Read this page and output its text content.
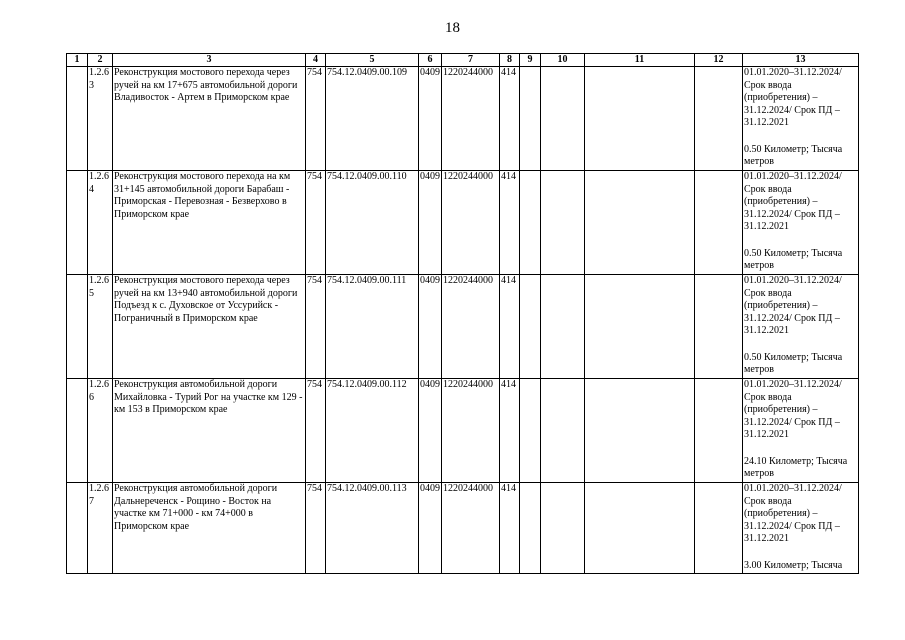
18
1	2	3	4	5	6	7	8	9	10	11	12	13
	1.2.6 3	Реконструкция мостового перехода через ручей на км 17+675 автомобильной дороги Владивосток - Артем в Приморском крае	754	754.12.0409.00.109	0409	1220244000	414					01.01.2020–31.12.2024/ Срок ввода (приобретения) – 31.12.2024/ Срок ПД – 31.12.2021
0.50 Километр; Тысяча метров

	1.2.6 4	Реконструкция мостового перехода на км 31+145 автомобильной дороги Барабаш - Приморская - Перевозная - Безверхово в Приморском крае	754	754.12.0409.00.110	0409	1220244000	414					01.01.2020–31.12.2024/ Срок ввода (приобретения) – 31.12.2024/ Срок ПД – 31.12.2021
0.50 Километр; Тысяча метров

	1.2.6 5	Реконструкция мостового перехода через ручей на км 13+940 автомобильной дороги Подъезд к с. Духовское от Уссурийск - Пограничный в Приморском крае	754	754.12.0409.00.111	0409	1220244000	414					01.01.2020–31.12.2024/ Срок ввода (приобретения) – 31.12.2024/ Срок ПД – 31.12.2021
0.50 Километр; Тысяча метров

	1.2.6 6	Реконструкция автомобильной дороги Михайловка - Турий Рог на участке км 129 - км 153 в Приморском крае	754	754.12.0409.00.112	0409	1220244000	414					01.01.2020–31.12.2024/ Срок ввода (приобретения) – 31.12.2024/ Срок ПД – 31.12.2021
24.10 Километр; Тысяча метров

	1.2.6 7	Реконструкция автомобильной дороги Дальнереченск - Рощино - Восток на участке км 71+000 - км 74+000 в Приморском крае	754	754.12.0409.00.113	0409	1220244000	414					01.01.2020–31.12.2024/ Срок ввода (приобретения) – 31.12.2024/ Срок ПД – 31.12.2021
3.00 Километр; Тысяча
